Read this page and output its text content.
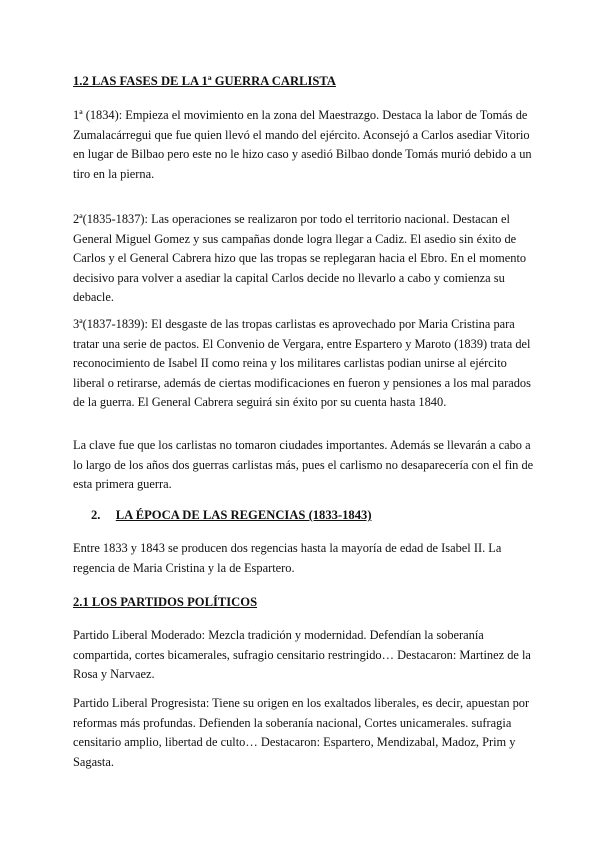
1.2 LAS FASES DE LA 1ª GUERRA CARLISTA

1ª (1834): Empieza el movimiento en la zona del Maestrazgo. Destaca la labor de Tomás de Zumalacárregui que fue quien llevó el mando del ejército. Aconsejó a Carlos asediar Vitorio en lugar de Bilbao pero este no le hizo caso y asedió Bilbao donde Tomás murió debido a un tiro en la pierna.

2ª(1835-1837): Las operaciones se realizaron por todo el territorio nacional. Destacan el General Miguel Gomez y sus campañas donde logra llegar a Cadiz. El asedio sin éxito de Carlos y el General Cabrera hizo que las tropas se replegaran hacia el Ebro. En el momento decisivo para volver a asediar la capital Carlos decide no llevarlo a cabo y comienza su debacle.

3ª(1837-1839): El desgaste de las tropas carlistas es aprovechado por Maria Cristina para tratar una serie de pactos. El Convenio de Vergara, entre Espartero y Maroto (1839) trata del reconocimiento de Isabel II como reina y los militares carlistas podian unirse al ejército liberal o retirarse, además de ciertas modificaciones en fueron y pensiones a los mal parados de la guerra. El General Cabrera seguirá sin éxito por su cuenta hasta 1840.

La clave fue que los carlistas no tomaron ciudades importantes. Además se llevarán a cabo a lo largo de los años dos guerras carlistas más, pues el carlismo no desaparecería con el fin de esta primera guerra.

2. LA ÉPOCA DE LAS REGENCIAS (1833-1843)

Entre 1833 y 1843 se producen dos regencias hasta la mayoría de edad de Isabel II. La regencia de Maria Cristina y la de Espartero.

2.1 LOS PARTIDOS POLÍTICOS

Partido Liberal Moderado: Mezcla tradición y modernidad. Defendían la soberanía compartida, cortes bicamerales, sufragio censitario restringido… Destacaron: Martinez de la Rosa y Narvaez.

Partido Liberal Progresista: Tiene su origen en los exaltados liberales, es decir, apuestan por reformas más profundas. Defienden la soberanía nacional, Cortes unicamerales. sufragia censitario amplio, libertad de culto… Destacaron: Espartero, Mendizabal, Madoz, Prim y Sagasta.
